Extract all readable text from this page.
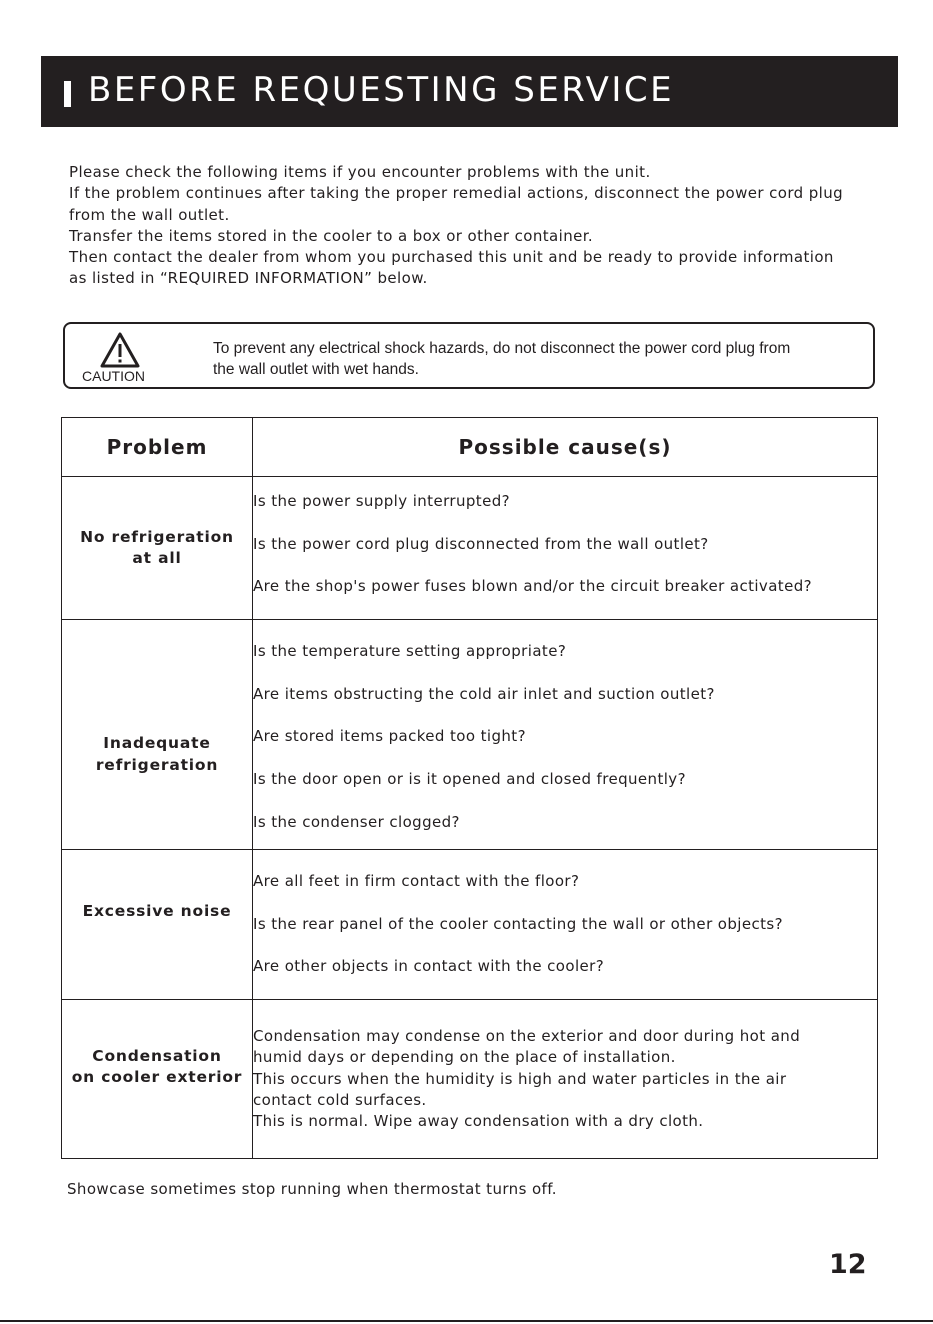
BEFORE REQUESTING SERVICE

Please check the following items if you encounter problems with the unit.

If the problem continues after taking the proper remedial actions, disconnect the power cord plug

from the wall outlet.

Transfer the items stored in the cooler to a box or other container.

Then contact the dealer from whom you purchased this unit and be ready to provide information

as listed in “REQUIRED INFORMATION” below.

CAUTION

To prevent any electrical shock hazards, do not disconnect the power cord plug from

the wall outlet with wet hands.

Problem	Possible cause(s)

No refrigeration
at all	Is the power supply interrupted?
Is the power cord plug disconnected from the wall outlet?
Are the shop's power fuses blown and/or the circuit breaker activated?

Inadequate
refrigeration	Is the temperature setting appropriate?
Are items obstructing the cold air inlet and suction outlet?
Are stored items packed too tight?
Is the door open or is it opened and closed frequently?
Is the condenser clogged?

Excessive noise	Are all feet in firm contact with the floor?
Is the rear panel of the cooler contacting the wall or other objects?
Are other objects in contact with the cooler?

Condensation
on cooler exterior	Condensation may condense on the exterior and door during hot and
humid days or depending on the place of installation.
This occurs when the humidity is high and water particles in the air
contact cold surfaces.
This is normal. Wipe away condensation with a dry cloth.
Showcase sometimes stop running when thermostat turns off.
12
